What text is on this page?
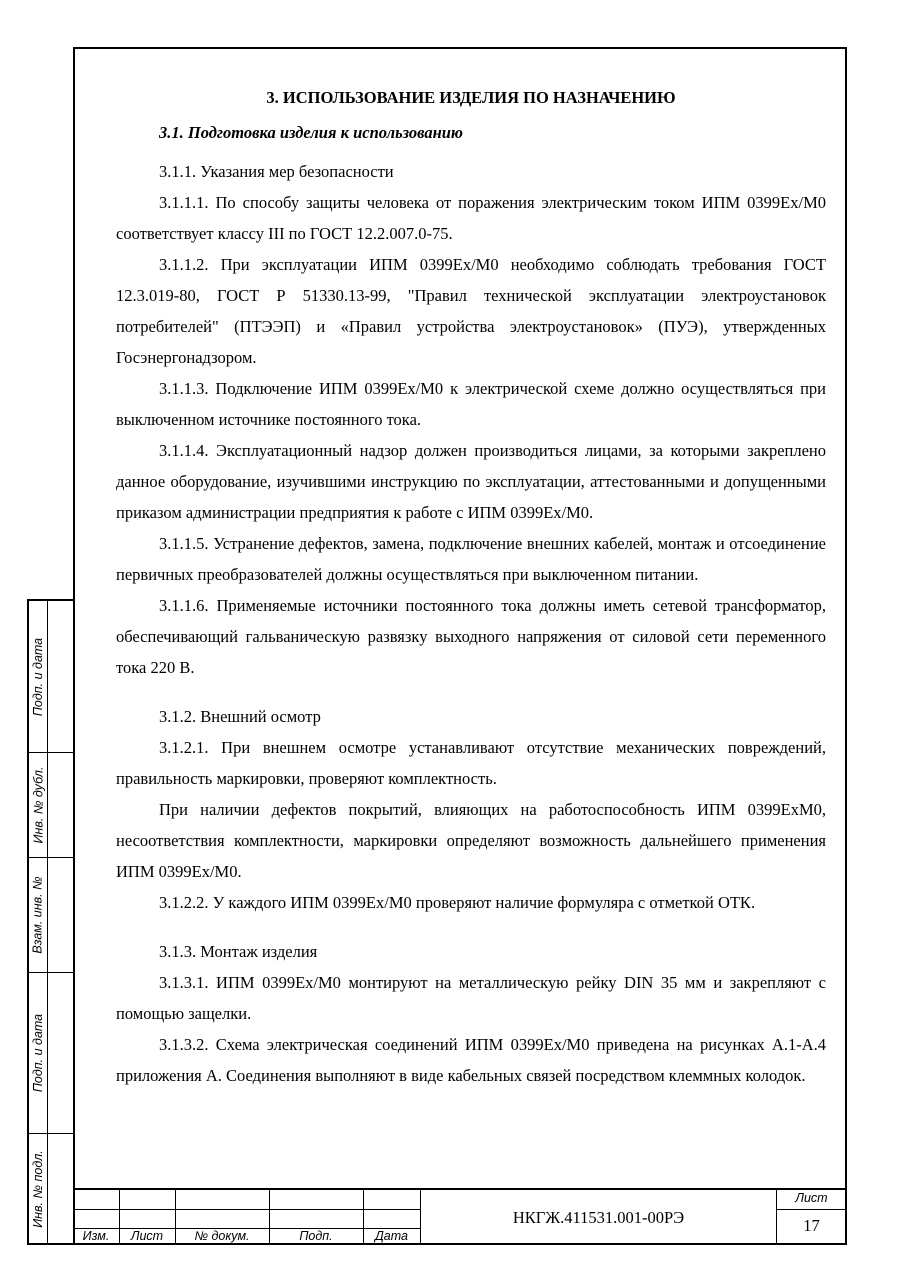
3. ИСПОЛЬЗОВАНИЕ ИЗДЕЛИЯ ПО НАЗНАЧЕНИЮ

3.1. Подготовка изделия к использованию

3.1.1. Указания мер безопасности

3.1.1.1. По способу защиты человека от поражения электрическим током ИПМ 0399Ex/M0 соответствует классу III по ГОСТ 12.2.007.0-75.

3.1.1.2. При эксплуатации ИПМ 0399Ex/M0 необходимо соблюдать требования ГОСТ 12.3.019-80, ГОСТ Р 51330.13-99, "Правил технической эксплуатации электроустановок потребителей" (ПТЭЭП) и «Правил устройства электроустановок» (ПУЭ), утвержденных Госэнергонадзором.

3.1.1.3. Подключение ИПМ 0399Ex/M0 к электрической схеме должно осуществляться при выключенном источнике постоянного тока.

3.1.1.4. Эксплуатационный надзор должен производиться лицами, за которыми закреплено данное оборудование, изучившими инструкцию по эксплуатации, аттестованными и допущенными приказом администрации предприятия к работе с ИПМ 0399Ex/M0.

3.1.1.5. Устранение дефектов, замена, подключение внешних кабелей, монтаж и отсоединение первичных преобразователей должны осуществляться при выключенном питании.

3.1.1.6. Применяемые источники постоянного тока должны иметь сетевой трансформатор, обеспечивающий гальваническую развязку выходного напряжения от силовой сети переменного тока 220 В.

3.1.2. Внешний осмотр

3.1.2.1. При внешнем осмотре устанавливают отсутствие механических повреждений, правильность маркировки, проверяют комплектность.

При наличии дефектов покрытий, влияющих на работоспособность ИПМ 0399ExM0, несоответствия комплектности, маркировки определяют возможность дальнейшего применения ИПМ 0399Ex/M0.

3.1.2.2. У каждого ИПМ 0399Ex/M0 проверяют наличие формуляра с отметкой ОТК.

3.1.3. Монтаж изделия

3.1.3.1. ИПМ 0399Ex/M0 монтируют на металлическую рейку DIN 35 мм и закрепляют с помощью защелки.

3.1.3.2. Схема электрическая соединений ИПМ 0399Ex/M0 приведена на рисунках А.1-А.4 приложения А. Соединения выполняют в виде кабельных связей посредством клеммных колодок.

Подп. и дата
Инв. № дубл.
Взам. инв. №
Подп. и дата
Инв. № подл.
Изм.	Лист	№ докум.	Подп.	Дата
НКГЖ.411531.001-00РЭ
Лист
17
